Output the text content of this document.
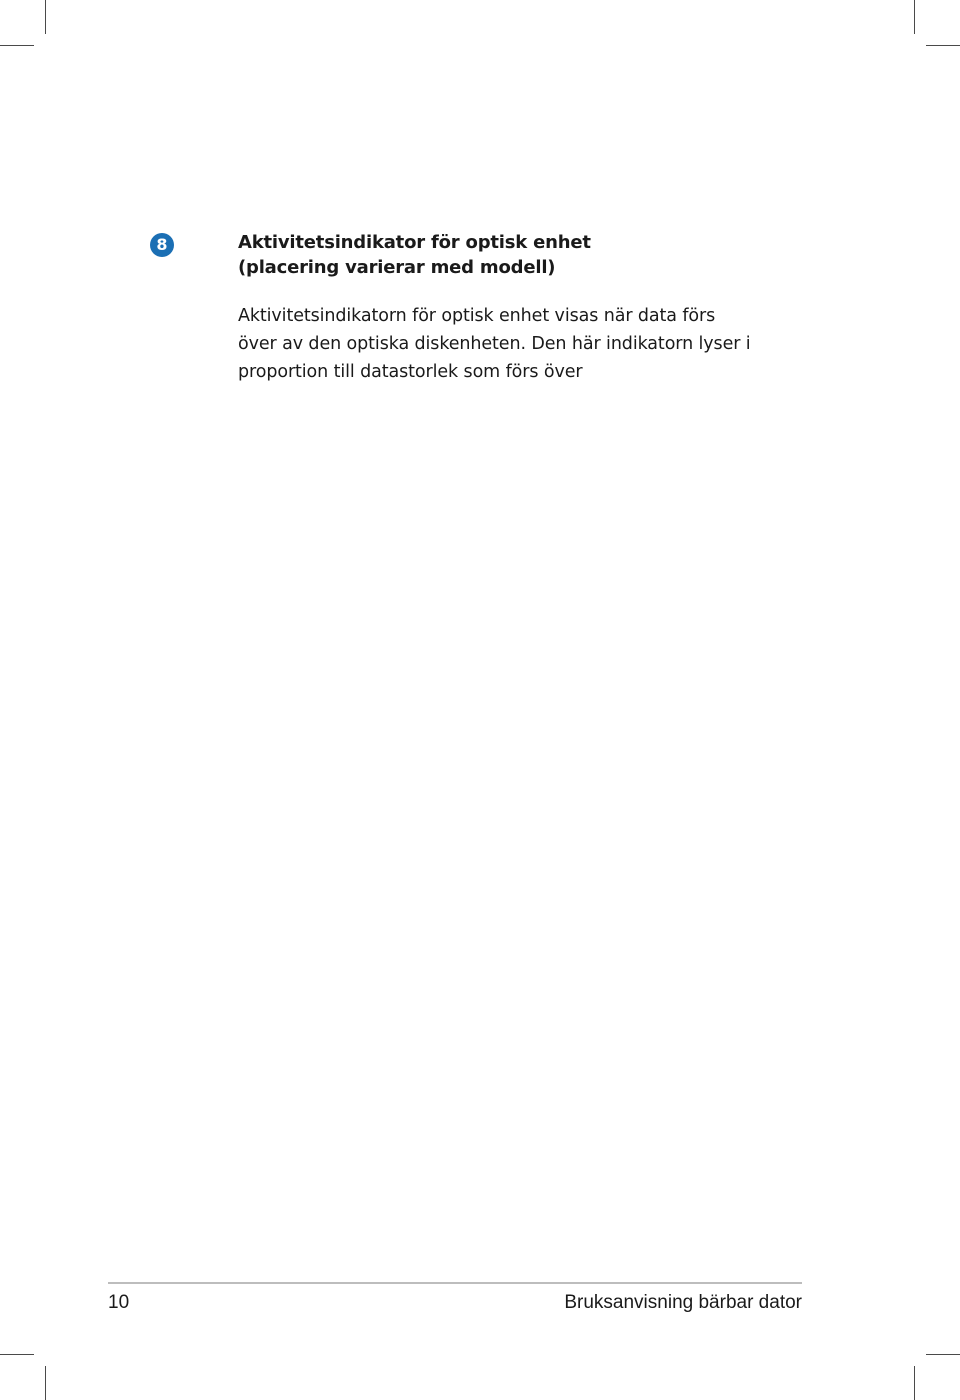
8	Aktivitetsindikator för optisk enhet
(placering varierar med modell)

Aktivitetsindikatorn för optisk enhet visas när data förs
över av den optiska diskenheten. Den här indikatorn lyser i
proportion till datastorlek som förs över

10	Bruksanvisning bärbar dator
